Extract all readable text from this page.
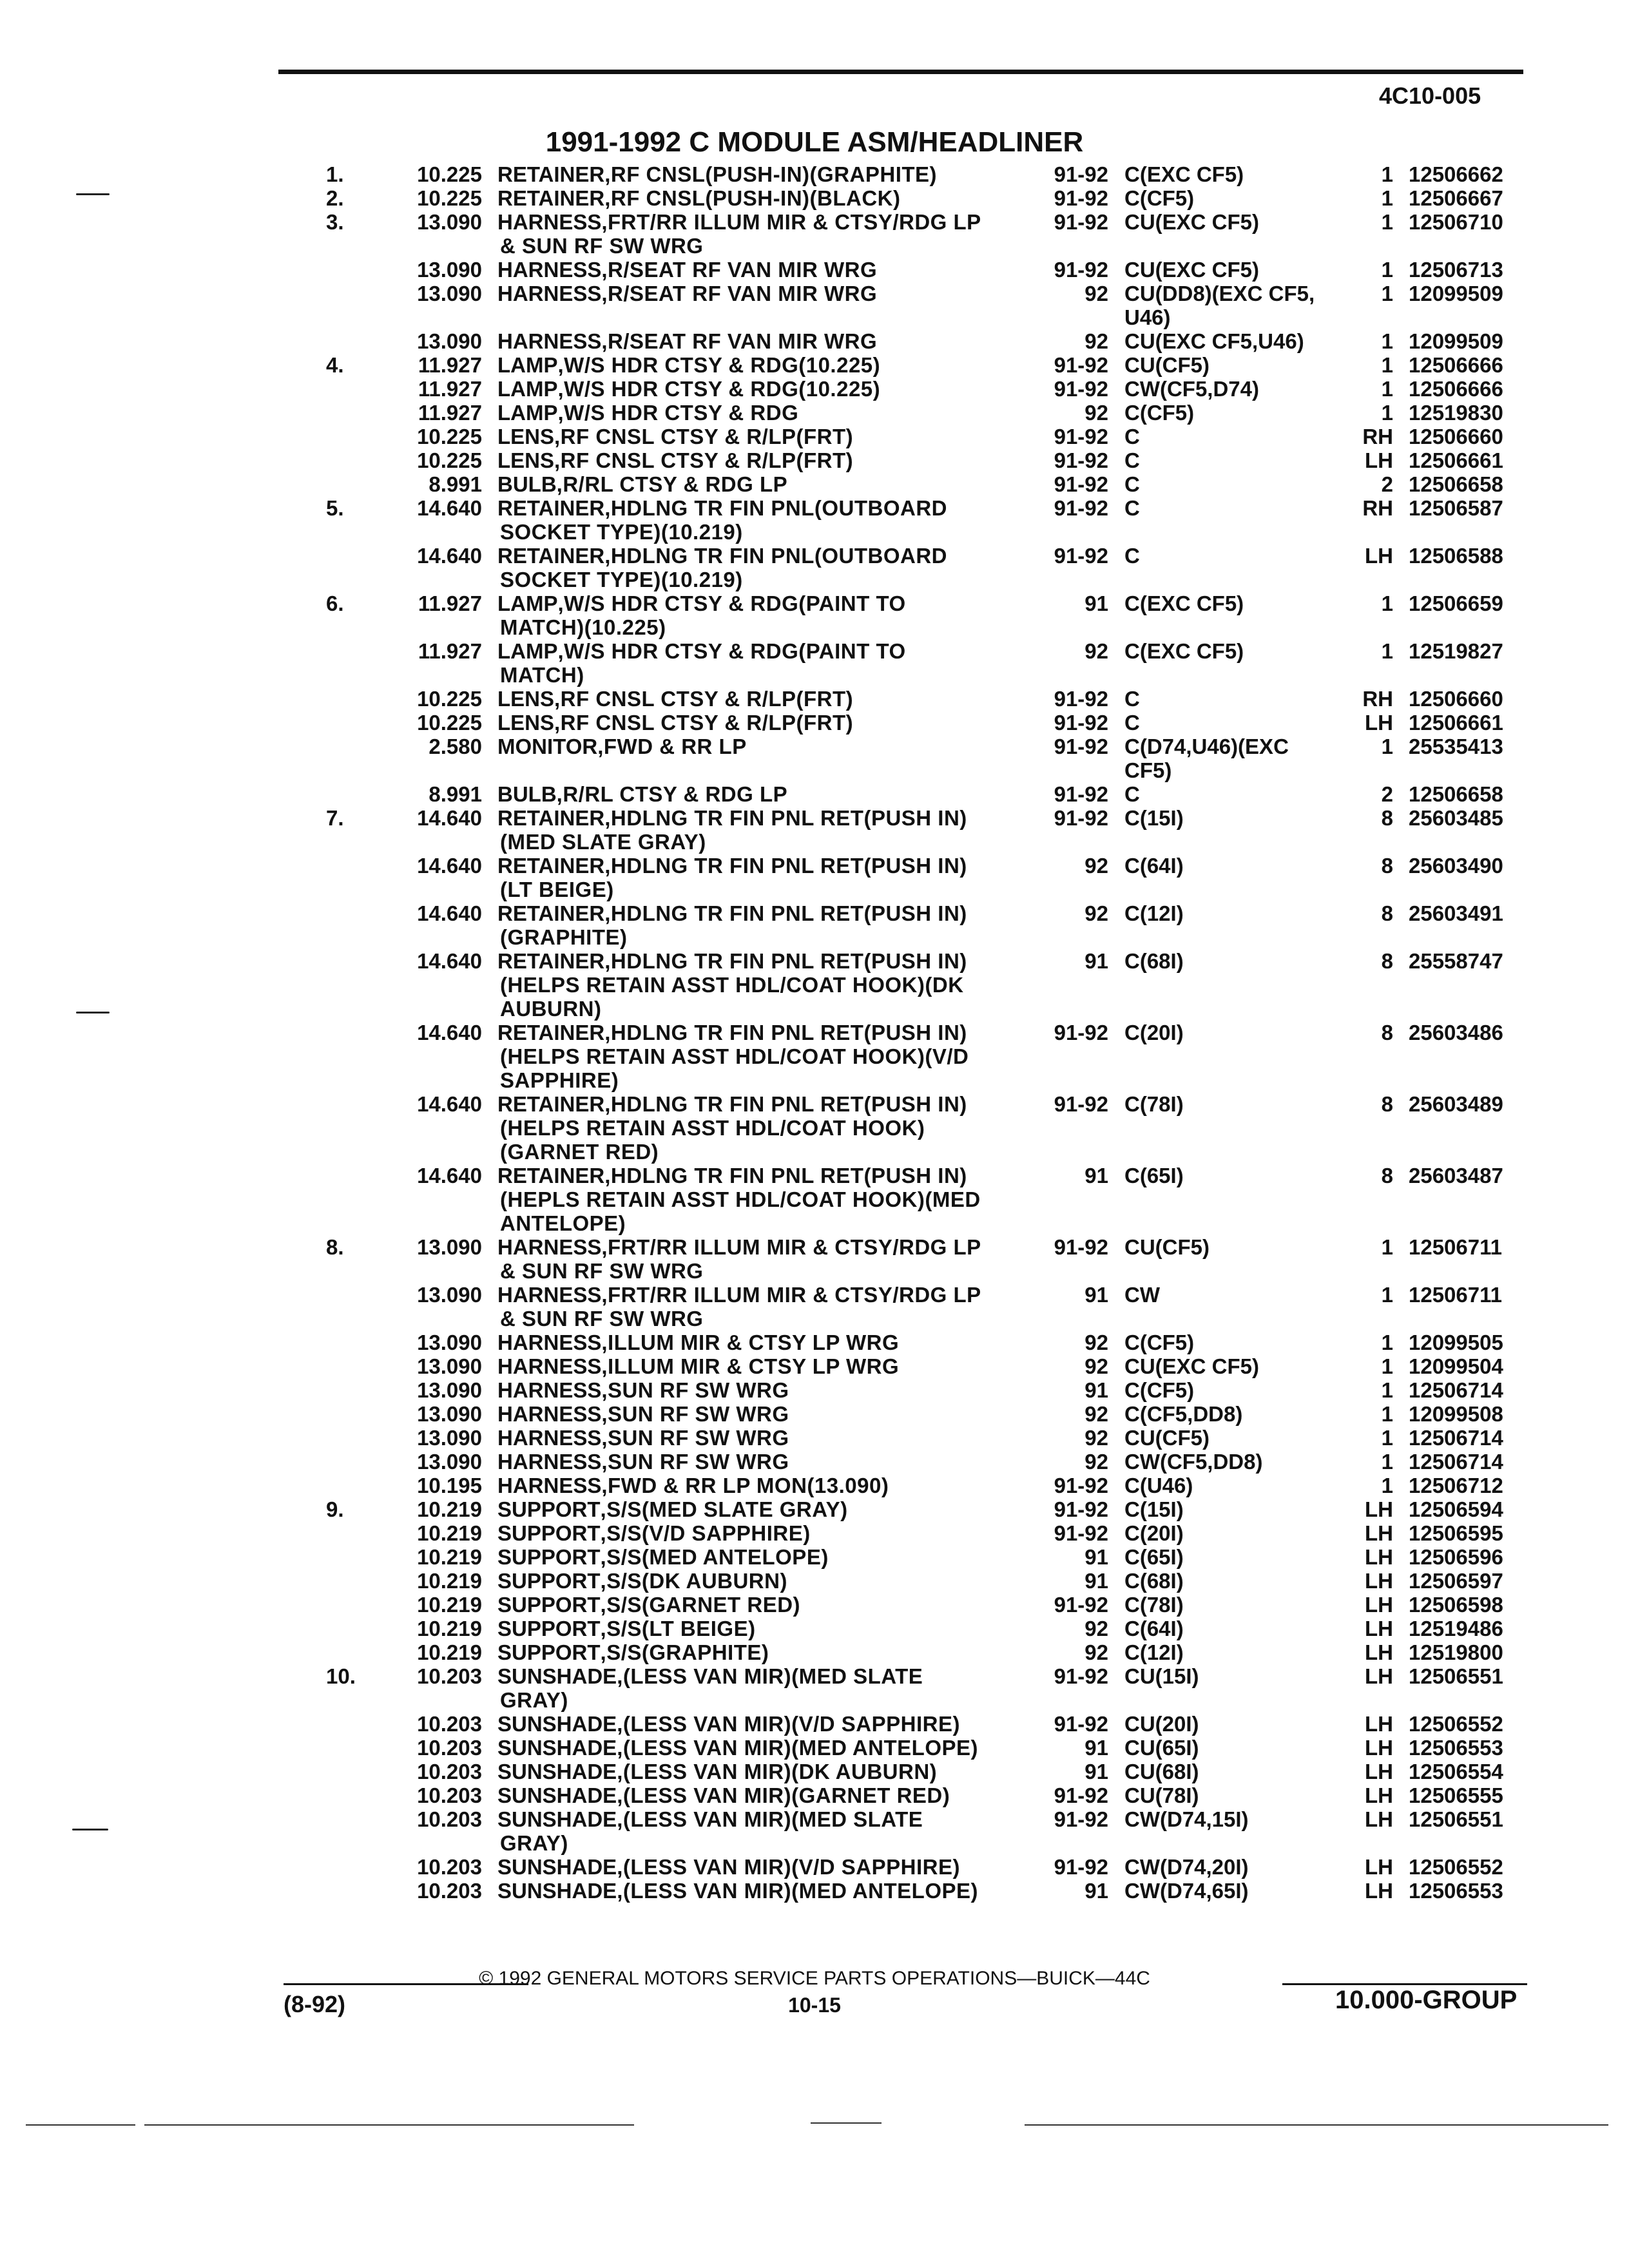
4C10-005
1991-1992 C MODULE ASM/HEADLINER
1.	10.225 RETAINER,RF CNSL(PUSH-IN)(GRAPHITE)	91-92 C(EXC CF5)	1 12506662
2.	10.225 RETAINER,RF CNSL(PUSH-IN)(BLACK)	91-92 C(CF5)	1 12506667
3.	13.090 HARNESS,FRT/RR ILLUM MIR & CTSY/RDG LP	91-92 CU(EXC CF5)	1 12506710
& SUN RF SW WRG
13.090 HARNESS,R/SEAT RF VAN MIR WRG	91-92 CU(EXC CF5)	1 12506713
13.090 HARNESS,R/SEAT RF VAN MIR WRG	92 CU(DD8)(EXC CF5,	1 12099509
U46)
13.090 HARNESS,R/SEAT RF VAN MIR WRG	92 CU(EXC CF5,U46)	1 12099509
4.	11.927 LAMP,W/S HDR CTSY & RDG(10.225)	91-92 CU(CF5)	1 12506666
11.927 LAMP,W/S HDR CTSY & RDG(10.225)	91-92 CW(CF5,D74)	1 12506666
11.927 LAMP,W/S HDR CTSY & RDG	92 C(CF5)	1 12519830
10.225 LENS,RF CNSL CTSY & R/LP(FRT)	91-92 C	RH 12506660
10.225 LENS,RF CNSL CTSY & R/LP(FRT)	91-92 C	LH 12506661
8.991 BULB,R/RL CTSY & RDG LP	91-92 C	2 12506658
5.	14.640 RETAINER,HDLNG TR FIN PNL(OUTBOARD	91-92 C	RH 12506587
SOCKET TYPE)(10.219)
14.640 RETAINER,HDLNG TR FIN PNL(OUTBOARD	91-92 C	LH 12506588
SOCKET TYPE)(10.219)
6.	11.927 LAMP,W/S HDR CTSY & RDG(PAINT TO	91 C(EXC CF5)	1 12506659
MATCH)(10.225)
11.927 LAMP,W/S HDR CTSY & RDG(PAINT TO	92 C(EXC CF5)	1 12519827
MATCH)
10.225 LENS,RF CNSL CTSY & R/LP(FRT)	91-92 C	RH 12506660
10.225 LENS,RF CNSL CTSY & R/LP(FRT)	91-92 C	LH 12506661
2.580 MONITOR,FWD & RR LP	91-92 C(D74,U46)(EXC	1 25535413
CF5)
8.991 BULB,R/RL CTSY & RDG LP	91-92 C	2 12506658
7.	14.640 RETAINER,HDLNG TR FIN PNL RET(PUSH IN)	91-92 C(15I)	8 25603485
(MED SLATE GRAY)
14.640 RETAINER,HDLNG TR FIN PNL RET(PUSH IN)	92 C(64I)	8 25603490
(LT BEIGE)
14.640 RETAINER,HDLNG TR FIN PNL RET(PUSH IN)	92 C(12I)	8 25603491
(GRAPHITE)
14.640 RETAINER,HDLNG TR FIN PNL RET(PUSH IN)	91 C(68I)	8 25558747
(HELPS RETAIN ASST HDL/COAT HOOK)(DK
AUBURN)
14.640 RETAINER,HDLNG TR FIN PNL RET(PUSH IN)	91-92 C(20I)	8 25603486
(HELPS RETAIN ASST HDL/COAT HOOK)(V/D
SAPPHIRE)
14.640 RETAINER,HDLNG TR FIN PNL RET(PUSH IN)	91-92 C(78I)	8 25603489
(HELPS RETAIN ASST HDL/COAT HOOK)
(GARNET RED)
14.640 RETAINER,HDLNG TR FIN PNL RET(PUSH IN)	91 C(65I)	8 25603487
(HEPLS RETAIN ASST HDL/COAT HOOK)(MED
ANTELOPE)
8.	13.090 HARNESS,FRT/RR ILLUM MIR & CTSY/RDG LP	91-92 CU(CF5)	1 12506711
& SUN RF SW WRG
13.090 HARNESS,FRT/RR ILLUM MIR & CTSY/RDG LP	91 CW	1 12506711
& SUN RF SW WRG
13.090 HARNESS,ILLUM MIR & CTSY LP WRG	92 C(CF5)	1 12099505
13.090 HARNESS,ILLUM MIR & CTSY LP WRG	92 CU(EXC CF5)	1 12099504
13.090 HARNESS,SUN RF SW WRG	91 C(CF5)	1 12506714
13.090 HARNESS,SUN RF SW WRG	92 C(CF5,DD8)	1 12099508
13.090 HARNESS,SUN RF SW WRG	92 CU(CF5)	1 12506714
13.090 HARNESS,SUN RF SW WRG	92 CW(CF5,DD8)	1 12506714
10.195 HARNESS,FWD & RR LP MON(13.090)	91-92 C(U46)	1 12506712
9.	10.219 SUPPORT,S/S(MED SLATE GRAY)	91-92 C(15I)	LH 12506594
10.219 SUPPORT,S/S(V/D SAPPHIRE)	91-92 C(20I)	LH 12506595
10.219 SUPPORT,S/S(MED ANTELOPE)	91 C(65I)	LH 12506596
10.219 SUPPORT,S/S(DK AUBURN)	91 C(68I)	LH 12506597
10.219 SUPPORT,S/S(GARNET RED)	91-92 C(78I)	LH 12506598
10.219 SUPPORT,S/S(LT BEIGE)	92 C(64I)	LH 12519486
10.219 SUPPORT,S/S(GRAPHITE)	92 C(12I)	LH 12519800
10.	10.203 SUNSHADE,(LESS VAN MIR)(MED SLATE	91-92 CU(15I)	LH 12506551
GRAY)
10.203 SUNSHADE,(LESS VAN MIR)(V/D SAPPHIRE)	91-92 CU(20I)	LH 12506552
10.203 SUNSHADE,(LESS VAN MIR)(MED ANTELOPE)	91 CU(65I)	LH 12506553
10.203 SUNSHADE,(LESS VAN MIR)(DK AUBURN)	91 CU(68I)	LH 12506554
10.203 SUNSHADE,(LESS VAN MIR)(GARNET RED)	91-92 CU(78I)	LH 12506555
10.203 SUNSHADE,(LESS VAN MIR)(MED SLATE	91-92 CW(D74,15I)	LH 12506551
GRAY)
10.203 SUNSHADE,(LESS VAN MIR)(V/D SAPPHIRE)	91-92 CW(D74,20I)	LH 12506552
10.203 SUNSHADE,(LESS VAN MIR)(MED ANTELOPE)	91 CW(D74,65I)	LH 12506553
© 1992 GENERAL MOTORS SERVICE PARTS OPERATIONS—BUICK—44C
10-15
(8-92)	10.000-GROUP
